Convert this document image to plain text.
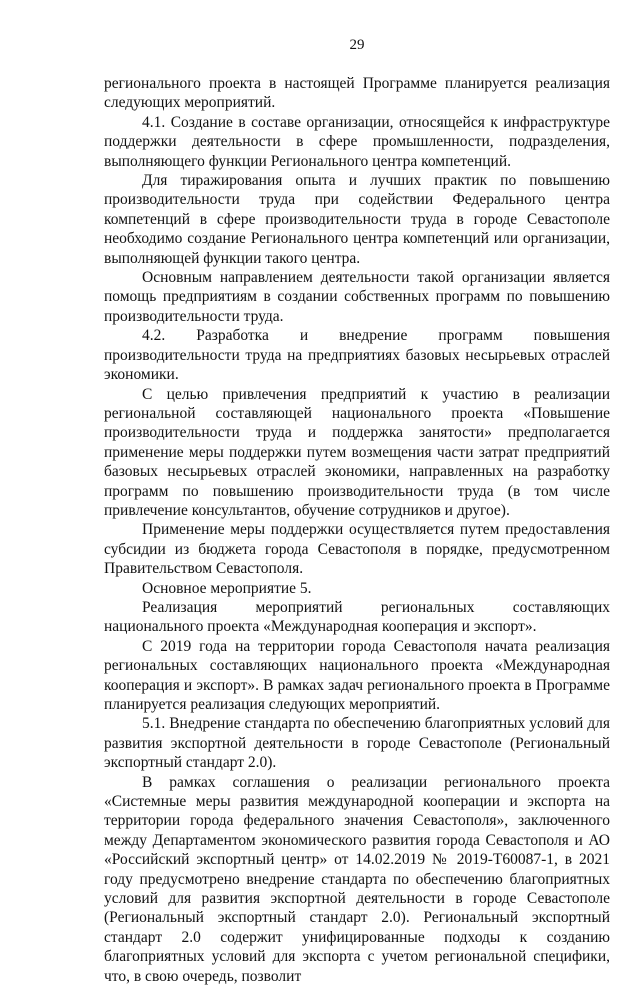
29

регионального проекта в настоящей Программе планируется реализация следующих мероприятий.

4.1. Создание в составе организации, относящейся к инфраструктуре поддержки деятельности в сфере промышленности, подразделения, выполняющего функции Регионального центра компетенций.

Для тиражирования опыта и лучших практик по повышению производительности труда при содействии Федерального центра компетенций в сфере производительности труда в городе Севастополе необходимо создание Регионального центра компетенций или организации, выполняющей функции такого центра.

Основным направлением деятельности такой организации является помощь предприятиям в создании собственных программ по повышению производительности труда.

4.2. Разработка и внедрение программ повышения производительности труда на предприятиях базовых несырьевых отраслей экономики.

С целью привлечения предприятий к участию в реализации региональной составляющей национального проекта «Повышение производительности труда и поддержка занятости» предполагается применение меры поддержки путем возмещения части затрат предприятий базовых несырьевых отраслей экономики, направленных на разработку программ по повышению производительности труда (в том числе привлечение консультантов, обучение сотрудников и другое).

Применение меры поддержки осуществляется путем предоставления субсидии из бюджета города Севастополя в порядке, предусмотренном Правительством Севастополя.

Основное мероприятие 5.

Реализация мероприятий региональных составляющих национального проекта «Международная кооперация и экспорт».

С 2019 года на территории города Севастополя начата реализация региональных составляющих национального проекта «Международная кооперация и экспорт». В рамках задач регионального проекта в Программе планируется реализация следующих мероприятий.

5.1. Внедрение стандарта по обеспечению благоприятных условий для развития экспортной деятельности в городе Севастополе (Региональный экспортный стандарт 2.0).

В рамках соглашения о реализации регионального проекта «Системные меры развития международной кооперации и экспорта на территории города федерального значения Севастополя», заключенного между Департаментом экономического развития города Севастополя и АО «Российский экспортный центр» от 14.02.2019 № 2019-Т60087-1, в 2021 году предусмотрено внедрение стандарта по обеспечению благоприятных условий для развития экспортной деятельности в городе Севастополе (Региональный экспортный стандарт 2.0). Региональный экспортный стандарт 2.0 содержит унифицированные подходы к созданию благоприятных условий для экспорта с учетом региональной специфики, что, в свою очередь, позволит
